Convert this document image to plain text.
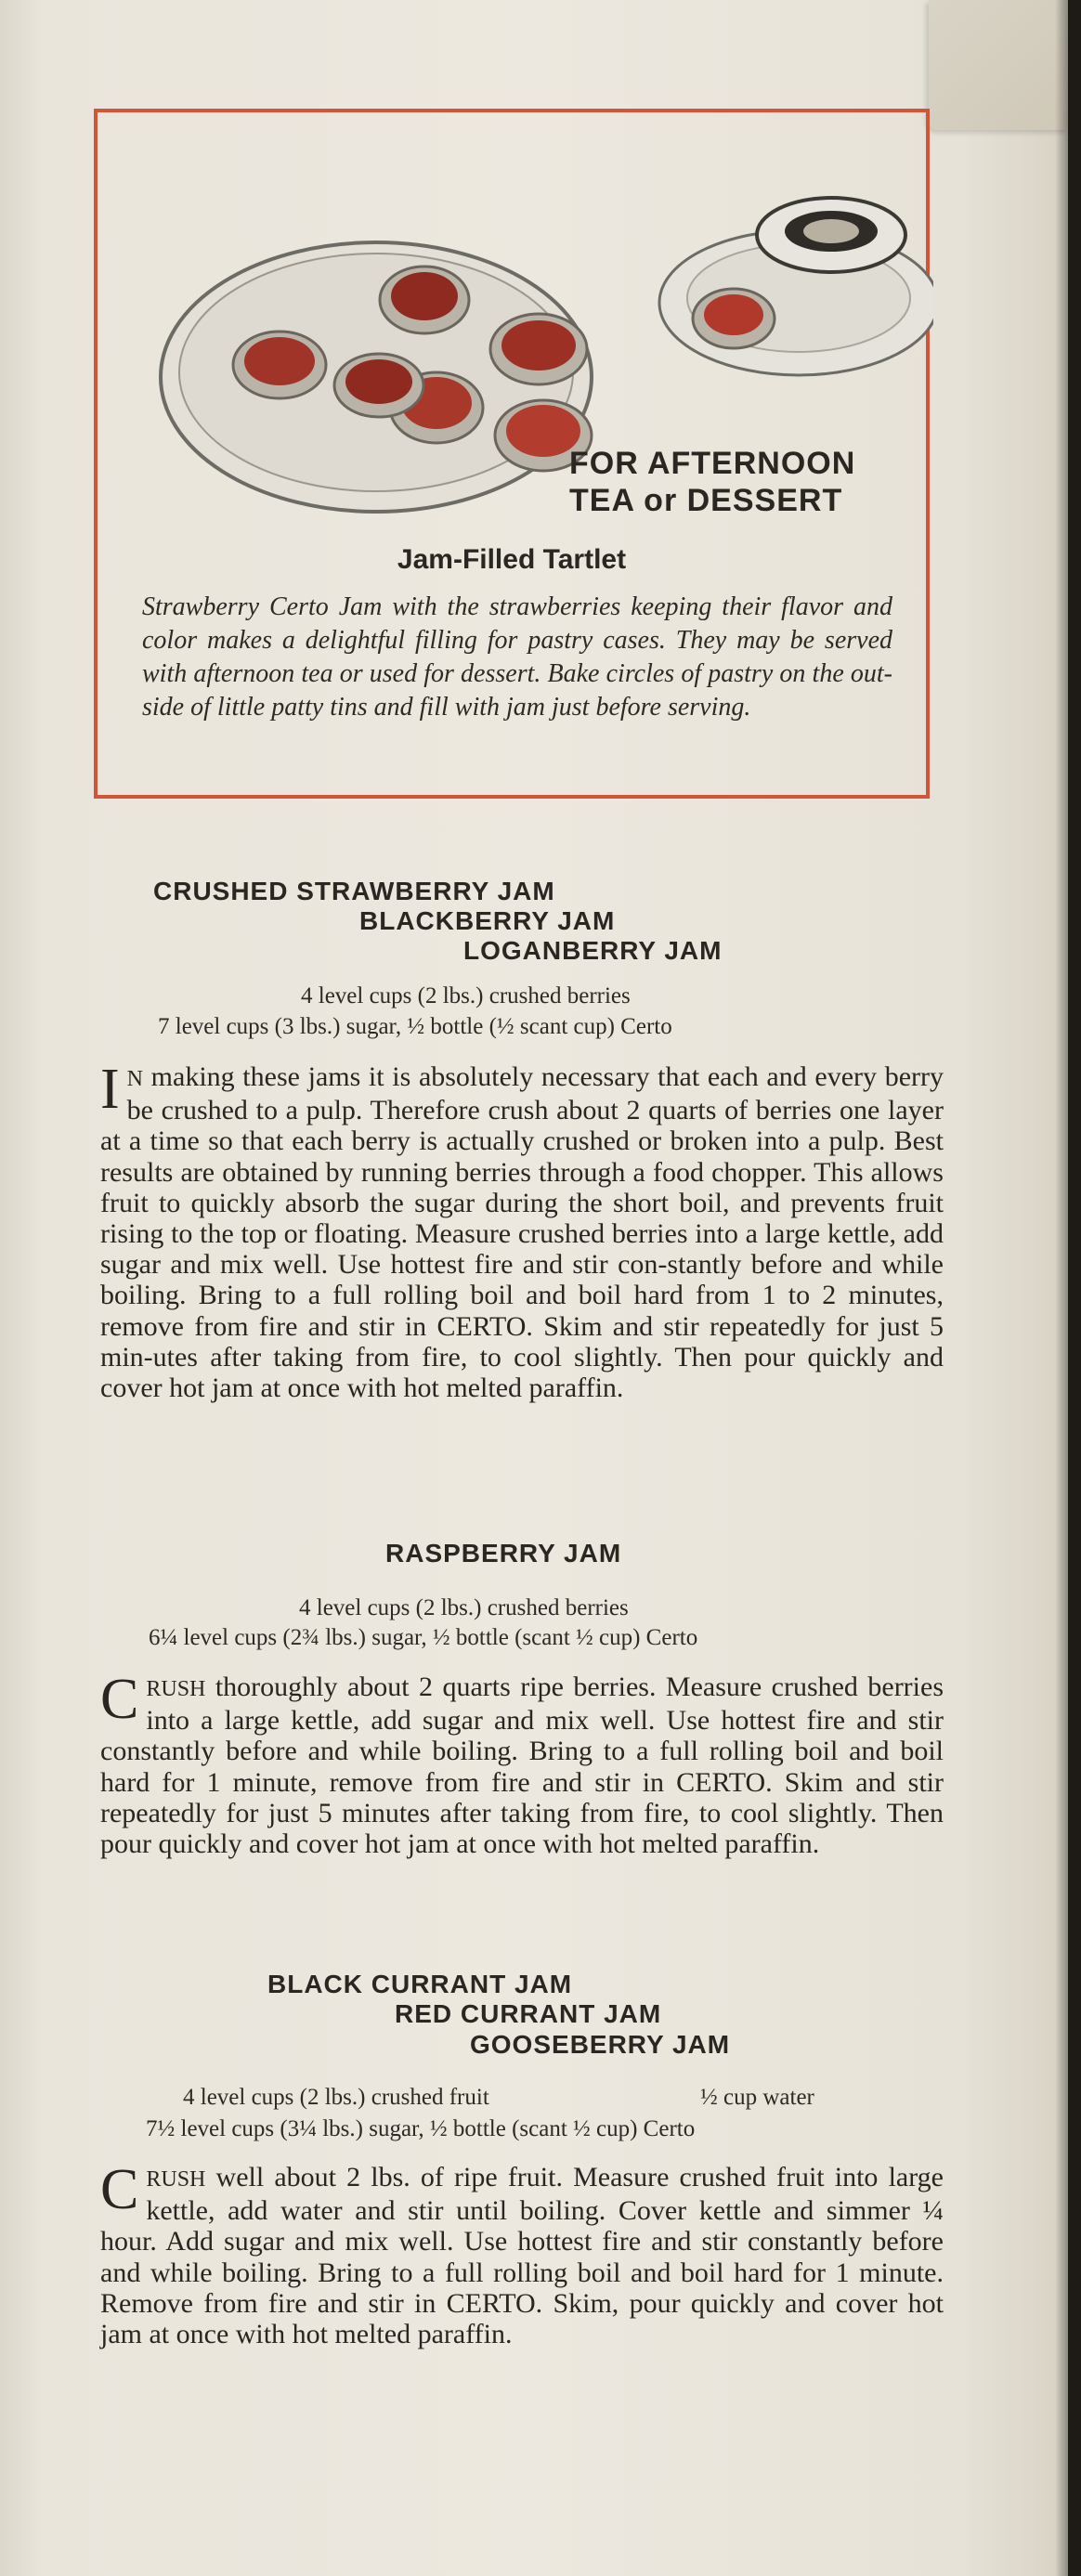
FOR AFTERNOON
TEA or DESSERT
Jam-Filled Tartlet
Strawberry Certo Jam with the strawberries keeping their flavor and color makes a delightful filling for pastry cases. They may be served with afternoon tea or used for dessert. Bake circles of pastry on the out-side of little patty tins and fill with jam just before serving.
CRUSHED STRAWBERRY JAM
BLACKBERRY JAM
LOGANBERRY JAM
4 level cups (2 lbs.) crushed berries
7 level cups (3 lbs.) sugar, ½ bottle (½ scant cup) Certo
I N making these jams it is absolutely necessary that each and every berry be crushed to a pulp. Therefore crush about 2 quarts of berries one layer at a time so that each berry is actually crushed or broken into a pulp. Best results are obtained by running berries through a food chopper. This allows fruit to quickly absorb the sugar during the short boil, and prevents fruit rising to the top or floating. Measure crushed berries into a large kettle, add sugar and mix well. Use hottest fire and stir con-stantly before and while boiling. Bring to a full rolling boil and boil hard from 1 to 2 minutes, remove from fire and stir in CERTO. Skim and stir repeatedly for just 5 min-utes after taking from fire, to cool slightly. Then pour quickly and cover hot jam at once with hot melted paraffin.
RASPBERRY JAM
4 level cups (2 lbs.) crushed berries
6¼ level cups (2¾ lbs.) sugar, ½ bottle (scant ½ cup) Certo
CRUSH thoroughly about 2 quarts ripe berries. Measure crushed berries into a large kettle, add sugar and mix well. Use hottest fire and stir constantly before and while boiling. Bring to a full rolling boil and boil hard for 1 minute, remove from fire and stir in CERTO. Skim and stir repeatedly for just 5 minutes after taking from fire, to cool slightly. Then pour quickly and cover hot jam at once with hot melted paraffin.
BLACK CURRANT JAM
RED CURRANT JAM
GOOSEBERRY JAM
4 level cups (2 lbs.) crushed fruit	½ cup water
7½ level cups (3¼ lbs.) sugar, ½ bottle (scant ½ cup) Certo
CRUSH well about 2 lbs. of ripe fruit. Measure crushed fruit into large kettle, add water and stir until boiling. Cover kettle and simmer ¼ hour. Add sugar and mix well. Use hottest fire and stir constantly before and while boiling. Bring to a full rolling boil and boil hard for 1 minute. Remove from fire and stir in CERTO. Skim, pour quickly and cover hot jam at once with hot melted paraffin.
